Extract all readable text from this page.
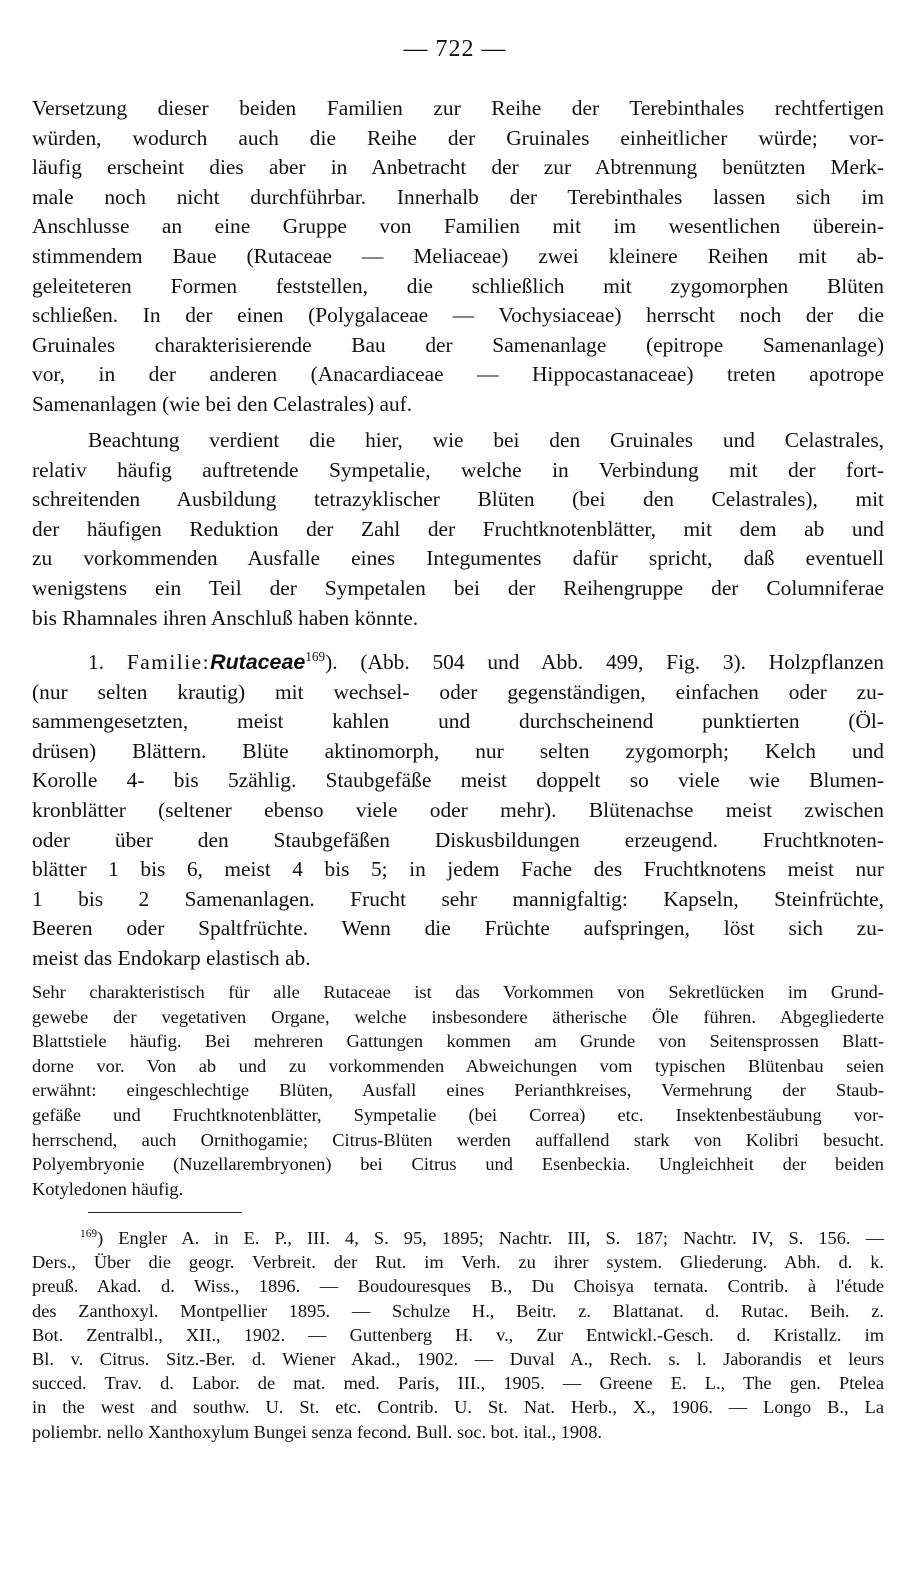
— 722 —
Versetzung dieser beiden Familien zur Reihe der Terebinthales rechtfertigen
würden, wodurch auch die Reihe der Gruinales einheitlicher würde; vor-
läufig erscheint dies aber in Anbetracht der zur Abtrennung benützten Merk-
male noch nicht durchführbar. Innerhalb der Terebinthales lassen sich im
Anschlusse an eine Gruppe von Familien mit im wesentlichen überein-
stimmendem Baue (Rutaceae — Meliaceae) zwei kleinere Reihen mit ab-
geleiteteren Formen feststellen, die schließlich mit zygomorphen Blüten
schließen. In der einen (Polygalaceae — Vochysiaceae) herrscht noch der die
Gruinales charakterisierende Bau der Samenanlage (epitrope Samenanlage)
vor, in der anderen (Anacardiaceae — Hippocastanaceae) treten apotrope
Samenanlagen (wie bei den Celastrales) auf.
Beachtung verdient die hier, wie bei den Gruinales und Celastrales,
relativ häufig auftretende Sympetalie, welche in Verbindung mit der fort-
schreitenden Ausbildung tetrazyklischer Blüten (bei den Celastrales), mit
der häufigen Reduktion der Zahl der Fruchtknotenblätter, mit dem ab und
zu vorkommenden Ausfalle eines Integumentes dafür spricht, daß eventuell
wenigstens ein Teil der Sympetalen bei der Reihengruppe der Columniferae
bis Rhamnales ihren Anschluß haben könnte.
1. Familie:Rutaceae$^{169}$). (Abb. 504 und Abb. 499, Fig. 3). Holzpflanzen
(nur selten krautig) mit wechsel- oder gegenständigen, einfachen oder zu-
sammengesetzten, meist kahlen und durchscheinend punktierten (Öl-
drüsen) Blättern. Blüte aktinomorph, nur selten zygomorph; Kelch und
Korolle 4- bis 5zählig. Staubgefäße meist doppelt so viele wie Blumen-
kronblätter (seltener ebenso viele oder mehr). Blütenachse meist zwischen
oder über den Staubgefäßen Diskusbildungen erzeugend. Fruchtknoten-
blätter 1 bis 6, meist 4 bis 5; in jedem Fache des Fruchtknotens meist nur
1 bis 2 Samenanlagen. Frucht sehr mannigfaltig: Kapseln, Steinfrüchte,
Beeren oder Spaltfrüchte. Wenn die Früchte aufspringen, löst sich zu-
meist das Endokarp elastisch ab.
Sehr charakteristisch für alle Rutaceae ist das Vorkommen von Sekretlücken im Grund-
gewebe der vegetativen Organe, welche insbesondere ätherische Öle führen. Abgegliederte
Blattstiele häufig. Bei mehreren Gattungen kommen am Grunde von Seitensprossen Blatt-
dorne vor. Von ab und zu vorkommenden Abweichungen vom typischen Blütenbau seien
erwähnt: eingeschlechtige Blüten, Ausfall eines Perianthkreises, Vermehrung der Staub-
gefäße und Fruchtknotenblätter, Sympetalie (bei Correa) etc. Insektenbestäubung vor-
herrschend, auch Ornithogamie; Citrus-Blüten werden auffallend stark von Kolibri besucht.
Polyembryonie (Nuzellarembryonen) bei Citrus und Esenbeckia. Ungleichheit der beiden
Kotyledonen häufig.
$^{169}$) Engler A. in E. P., III. 4, S. 95, 1895; Nachtr. III, S. 187; Nachtr. IV, S. 156. —
Ders., Über die geogr. Verbreit. der Rut. im Verh. zu ihrer system. Gliederung. Abh. d. k.
preuß. Akad. d. Wiss., 1896. — Boudouresques B., Du Choisya ternata. Contrib. à l'étude
des Zanthoxyl. Montpellier 1895. — Schulze H., Beitr. z. Blattanat. d. Rutac. Beih. z.
Bot. Zentralbl., XII., 1902. — Guttenberg H. v., Zur Entwickl.-Gesch. d. Kristallz. im
Bl. v. Citrus. Sitz.-Ber. d. Wiener Akad., 1902. — Duval A., Rech. s. l. Jaborandis et leurs
succed. Trav. d. Labor. de mat. med. Paris, III., 1905. — Greene E. L., The gen. Ptelea
in the west and southw. U. St. etc. Contrib. U. St. Nat. Herb., X., 1906. — Longo B., La
poliembr. nello Xanthoxylum Bungei senza fecond. Bull. soc. bot. ital., 1908.
